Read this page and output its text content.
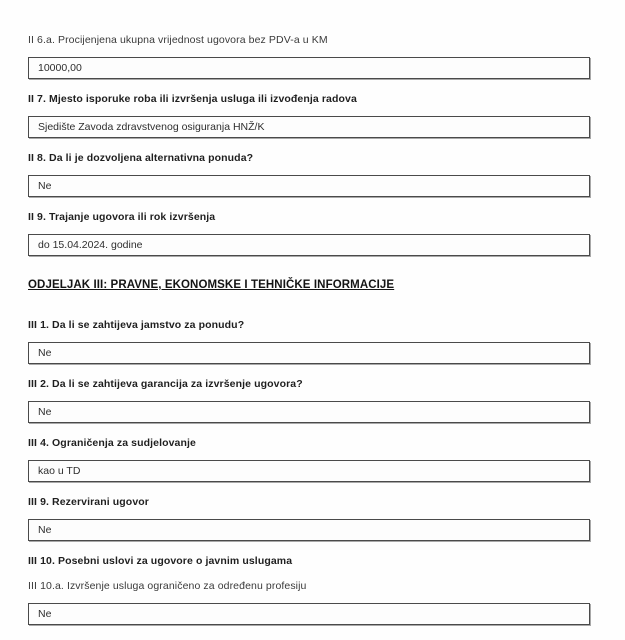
II 6.a. Procijenjena ukupna vrijednost ugovora bez PDV-a u KM
10000,00
II 7. Mjesto isporuke roba ili izvršenja usluga ili izvođenja radova
Sjedište Zavoda zdravstvenog osiguranja HNŽ/K
II 8. Da li je dozvoljena alternativna ponuda?
Ne
II 9. Trajanje ugovora ili rok izvršenja
do 15.04.2024. godine
ODJELJAK III: PRAVNE, EKONOMSKE I TEHNIČKE INFORMACIJE
III 1. Da li se zahtijeva jamstvo za ponudu?
Ne
III 2. Da li se zahtijeva garancija za izvršenje ugovora?
Ne
III 4. Ograničenja za sudjelovanje
kao u TD
III 9. Rezervirani ugovor
Ne
III 10. Posebni uslovi za ugovore o javnim uslugama
III 10.a. Izvršenje usluga ograničeno za određenu profesiju
Ne
